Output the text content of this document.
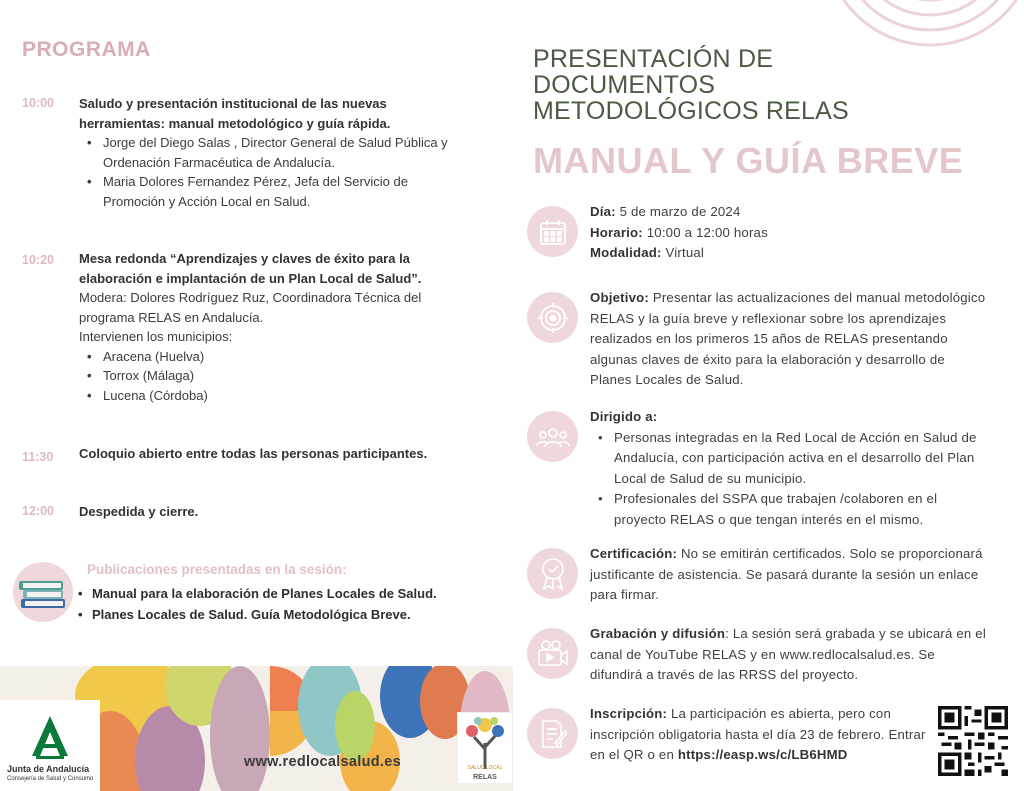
PROGRAMA
10:00 Saludo y presentación institucional de las nuevas herramientas: manual metodológico y guía rápida.
• Jorge del Diego Salas , Director General de Salud Pública y Ordenación Farmacéutica de Andalucía.
• Maria Dolores Fernandez Pérez, Jefa del Servicio de Promoción y Acción Local en Salud.
10:20 Mesa redonda “Aprendizajes y claves de éxito para la elaboración e implantación de un Plan Local de Salud”.
Modera: Dolores Rodríguez Ruz, Coordinadora Técnica del programa RELAS en Andalucía.
Intervienen los municipios:
• Aracena (Huelva)
• Torrox (Málaga)
• Lucena (Córdoba)
11:30 Coloquio abierto entre todas las personas participantes.
12:00 Despedida y cierre.
Publicaciones presentadas en la sesión:
• Manual para la elaboración de Planes Locales de Salud.
• Planes Locales de Salud. Guía Metodológica Breve.
Junta de Andalucía
Consejería de Salud y Consumo
www.redlocalsalud.es	SALUD LOCAL
RELAS
PRESENTACIÓN DE DOCUMENTOS METODOLÓGICOS RELAS
MANUAL Y GUÍA BREVE
Día: 5 de marzo de 2024
Horario: 10:00 a 12:00 horas
Modalidad: Virtual
Objetivo: Presentar las actualizaciones del manual metodológico RELAS y la guía breve y reflexionar sobre los aprendizajes realizados en los primeros 15 años de RELAS presentando algunas claves de éxito para la elaboración y desarrollo de Planes Locales de Salud.
Dirigido a:
• Personas integradas en la Red Local de Acción en Salud de Andalucía, con participación activa en el desarrollo del Plan Local de Salud de su municipio.
• Profesionales del SSPA que trabajen /colaboren en el proyecto RELAS o que tengan interés en el mismo.
Certificación: No se emitirán certificados. Solo se proporcionará justificante de asistencia. Se pasará durante la sesión un enlace para firmar.
Grabación y difusión: La sesión será grabada y se ubicará en el canal de YouTube RELAS y en www.redlocalsalud.es. Se difundirá a través de las RRSS del proyecto.
Inscripción: La participación es abierta, pero con inscripción obligatoria hasta el día 23 de febrero. Entrar en el QR o en https://easp.ws/c/LB6HMD
